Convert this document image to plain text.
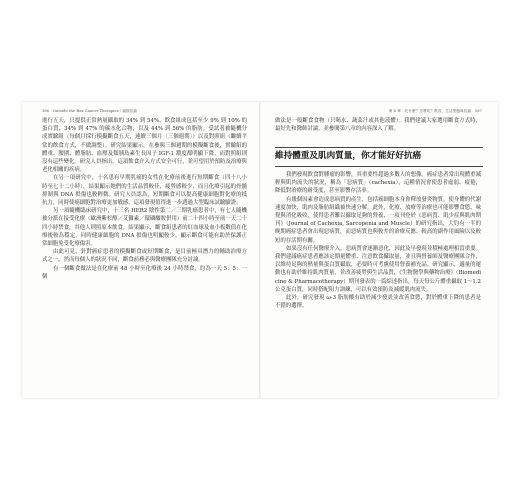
166　Outside the Box Cancer Therapies｜癌無抗癌

進行五天，只提供正常熱量攝取的 34% 到 54%，飲食組成包括至少 9% 到 10% 的蛋白質，34% 到 47% 的碳水化合物，以及 44% 到 56% 的脂肪。受試者被隨機分成實驗組（每個月採行模擬斷食五天，連續三個月〔三個週期〕）以及對照組（繼續平常的飲食方式，不做調整）。研究結果顯示，在參與三個週期的模擬斷食後，實驗組的體重、腰圍、體脂肪、血壓及類胰島素生長因子 IGF-1 濃度都明顯下降，而對照組則沒有這些變化。研究人員指出，這項飲食介入方式安全可行，並可望用於預防及治療與老化相關的疾病。

在另一項研究中，十名患有早期乳癌的女性在化療前後進行短期斷食（四十八小時至七十二小時），結果顯示她們的生活品質較佳，疲勞感較少，而且化療引起的骨髓抑制與 DNA 損傷也較輕微。研究人員認為，短期斷食可以提高健康細胞對化療的抵抗力，同時使癌細胞對治療更加敏感，這項發現值得進一步透過大型臨床試驗驗證。

另一項隨機臨床研究中，十三名 HER2 陰性第二／三期乳癌患者中，有七人隨機被分派在接受化療（歐洲紫杉醇／艾黴素／環磷醯胺併用）前二十四小時至前一天二十四小時禁食，其他人則照原本飲食。結果顯示，斷食組患者的紅血球及血小板數值在化療後較為穩定，同時健康細胞的 DNA 損傷也明顯較少，顯示斷食可能有助於保護正常細胞免受化療傷害。

由此可見，針對癌症患者的模擬斷食或短期斷食，是目前極具潛力的輔助治療方式之一，然而每個人的狀況不同，斷食前務必與醫療團隊充分討論。

有一個斷食做法是在化療前 48 小時至化療後 24 小時禁食，約為一天 5：5：一個

第 4 章　吃什麼？怎麼吃？飲食、生活型態與抗癌　167

做法是一般斷食食物（只喝水、蔬菜汁或其他液體）。我們建議大家選用斷食方式時，最好先和醫師討論，並參閱第八章的內容深入了解。

維持體重及肌肉質量，你才能好好抗癌

我們發現飲食對腫瘤的影響，其重要性超過多數人的想像。癌症患者常出現體重減輕與肌肉流失的狀況，稱為「惡病質」（cachexia），這種情況會使患者虛弱、疲倦，降低對治療的耐受度，甚至影響存活率。

有幾個因素會造成惡病質的產生，包括癌細胞本身會釋放發炎物質，使身體的代謝速度加快，肌肉及脂肪組織被快速分解。此外，化療、放療等治療也可能影響食慾、味覺與消化吸收，使得患者難以攝取足夠的營養，一項刊登於《惡病質、肌少症與肌肉期刊》（Journal of Cachexia, Sarcopenia and Muscle）的研究指出，大約有一半的晚期癌症患者會出現惡病質，而惡病質也與較差的治療反應、較高的副作用風險以及較短的存活期有關。

如果沒有任何醫療介入，惡病質會逐漸惡化，因此及早發現並積極處理相當重要。我們建議癌症患者應該定期量體重、注意飲食攝取量，並且與營養師及醫療團隊合作，以維持足夠的熱量與蛋白質攝取，必要時可考慮使用營養補充品。研究顯示，適量的運動也有助於維持肌肉質量，並改善疲勞與生活品質，《生物醫學與藥物治療》（Biomedicine & Pharmacotherapy）期刊發表的一篇綜述指出，每天每公斤體重攝取 1～1.2 公克蛋白質，同時搭配阻力訓練，可以有效預防及減緩肌肉流失。

此外，研究發現 ω-3 脂肪酸有助於減少發炎並改善食慾，對於體重下降的患者是不錯的選擇。
